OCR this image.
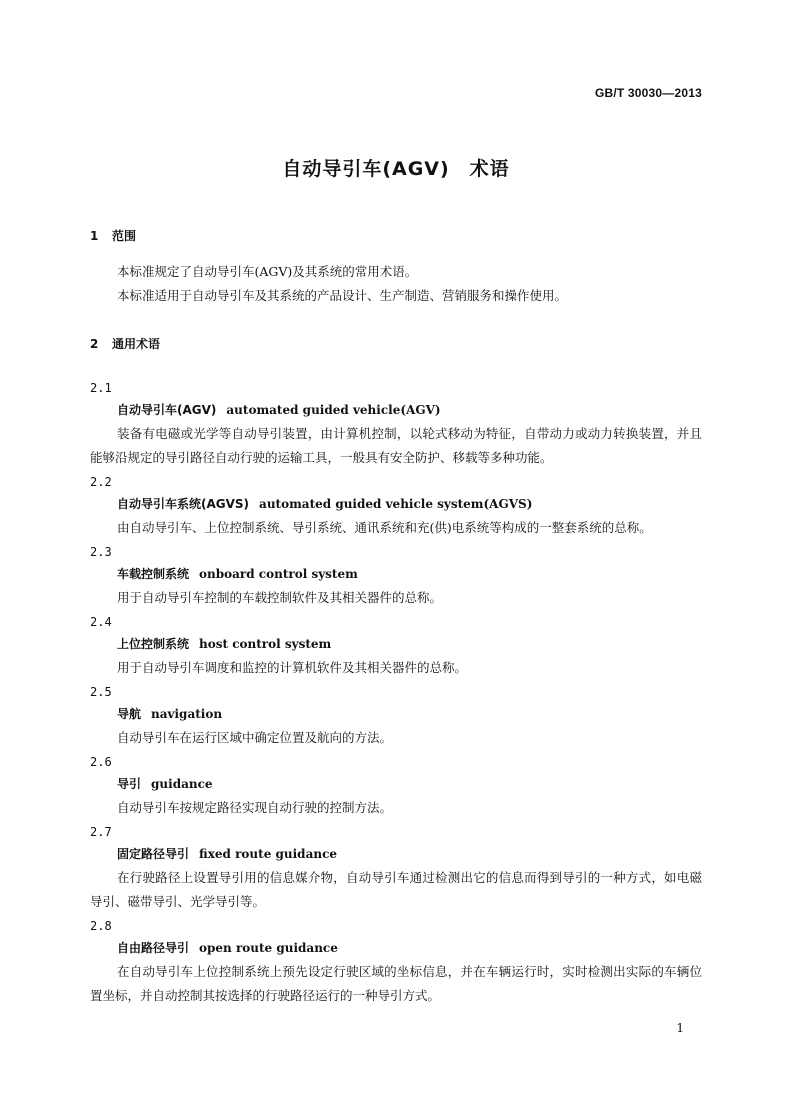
GB/T 30030—2013
自动导引车(AGV)　术语
1 范围

本标准规定了自动导引车(AGV)及其系统的常用术语。

本标准适用于自动导引车及其系统的产品设计、生产制造、营销服务和操作使用。

2 通用术语
2.1
自动导引车(AGV) automated guided vehicle(AGV)

装备有电磁或光学等自动导引装置，由计算机控制，以轮式移动为特征，自带动力或动力转换装置，并且能够沿规定的导引路径自动行驶的运输工具，一般具有安全防护、移载等多种功能。

2.2
自动导引车系统(AGVS) automated guided vehicle system(AGVS)

由自动导引车、上位控制系统、导引系统、通讯系统和充(供)电系统等构成的一整套系统的总称。

2.3
车载控制系统 onboard control system

用于自动导引车控制的车载控制软件及其相关器件的总称。

2.4
上位控制系统 host control system

用于自动导引车调度和监控的计算机软件及其相关器件的总称。

2.5
导航 navigation

自动导引车在运行区域中确定位置及航向的方法。

2.6
导引 guidance

自动导引车按规定路径实现自动行驶的控制方法。

2.7
固定路径导引 fixed route guidance

在行驶路径上设置导引用的信息媒介物，自动导引车通过检测出它的信息而得到导引的一种方式，如电磁导引、磁带导引、光学导引等。

2.8
自由路径导引 open route guidance

在自动导引车上位控制系统上预先设定行驶区域的坐标信息，并在车辆运行时，实时检测出实际的车辆位置坐标，并自动控制其按选择的行驶路径运行的一种导引方式。

1
